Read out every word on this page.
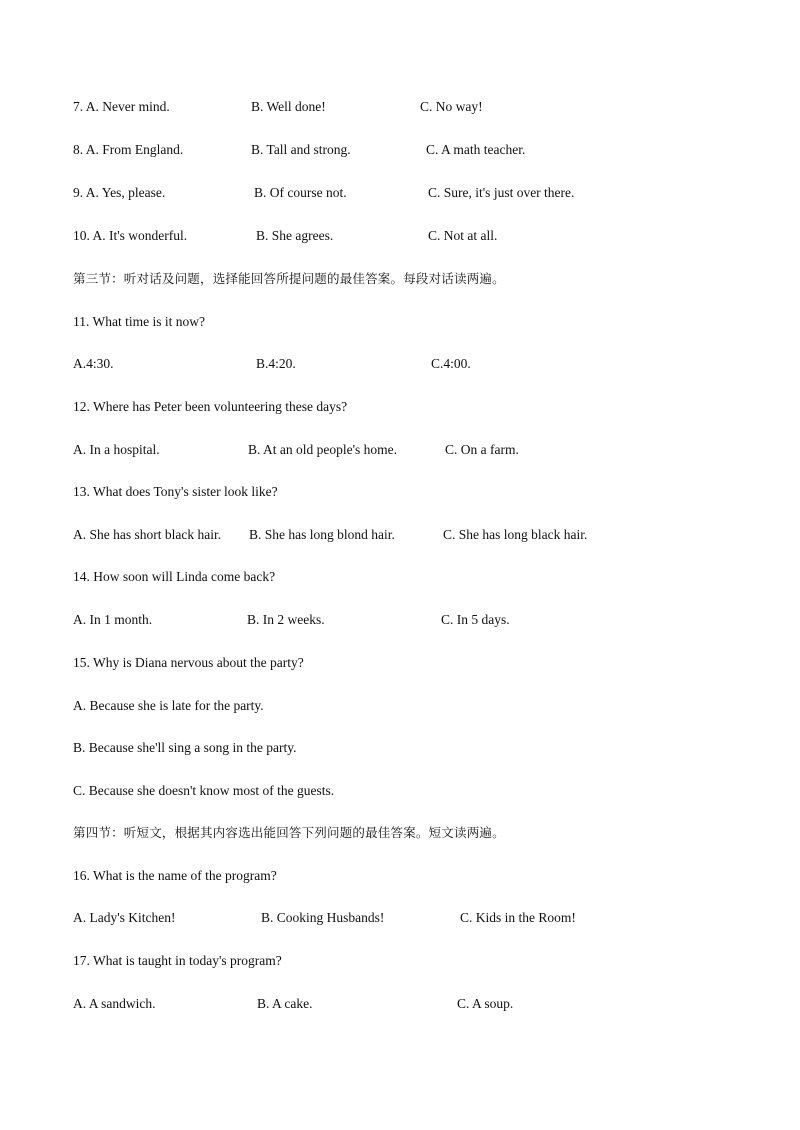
7. A. Never mind.	B. Well done!	C. No way!
8. A. From England.	B. Tall and strong.	C. A math teacher.
9. A. Yes, please.	B. Of course not.	C. Sure, it's just over there.
10. A. It's wonderful.	B. She agrees.	C. Not at all.
第三节：听对话及问题，选择能回答所提问题的最佳答案。每段对话读两遍。
11. What time is it now?
A.4:30.	B.4:20.	C.4:00.
12. Where has Peter been volunteering these days?
A. In a hospital.	B. At an old people's home.	C. On a farm.
13. What does Tony's sister look like?
A. She has short black hair. B. She has long blond hair.	C. She has long black hair.
14. How soon will Linda come back?
A. In 1 month.	B. In 2 weeks.	C. In 5 days.
15. Why is Diana nervous about the party?
A. Because she is late for the party.
B. Because she'll sing a song in the party.
C. Because she doesn't know most of the guests.
第四节：听短文，根据其内容选出能回答下列问题的最佳答案。短文读两遍。
16. What is the name of the program?
A. Lady's Kitchen!	B. Cooking Husbands!	C. Kids in the Room!
17. What is taught in today's program?
A. A sandwich.	B. A cake.	C. A soup.
